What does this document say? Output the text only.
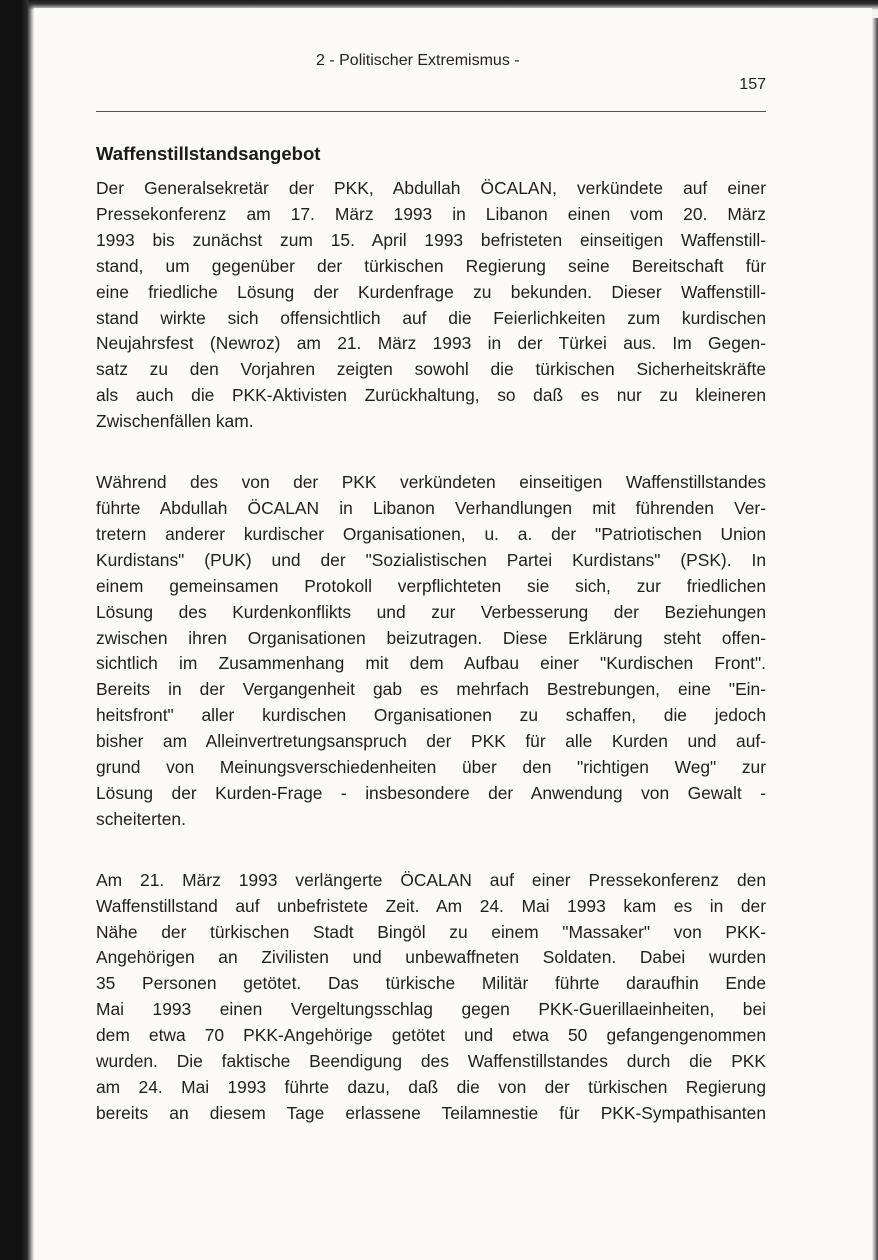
2 - Politischer Extremismus -
157
Waffenstillstandsangebot

Der Generalsekretär der PKK, Abdullah ÖCALAN, verkündete auf einer
Pressekonferenz am 17. März 1993 in Libanon einen vom 20. März
1993 bis zunächst zum 15. April 1993 befristeten einseitigen Waffenstill-
stand, um gegenüber der türkischen Regierung seine Bereitschaft für
eine friedliche Lösung der Kurdenfrage zu bekunden. Dieser Waffenstill-
stand wirkte sich offensichtlich auf die Feierlichkeiten zum kurdischen
Neujahrsfest (Newroz) am 21. März 1993 in der Türkei aus. Im Gegen-
satz zu den Vorjahren zeigten sowohl die türkischen Sicherheitskräfte
als auch die PKK-Aktivisten Zurückhaltung, so daß es nur zu kleineren
Zwischenfällen kam.

Während des von der PKK verkündeten einseitigen Waffenstillstandes
führte Abdullah ÖCALAN in Libanon Verhandlungen mit führenden Ver-
tretern anderer kurdischer Organisationen, u. a. der "Patriotischen Union
Kurdistans" (PUK) und der "Sozialistischen Partei Kurdistans" (PSK). In
einem gemeinsamen Protokoll verpflichteten sie sich, zur friedlichen
Lösung des Kurdenkonflikts und zur Verbesserung der Beziehungen
zwischen ihren Organisationen beizutragen. Diese Erklärung steht offen-
sichtlich im Zusammenhang mit dem Aufbau einer "Kurdischen Front".
Bereits in der Vergangenheit gab es mehrfach Bestrebungen, eine "Ein-
heitsfront" aller kurdischen Organisationen zu schaffen, die jedoch
bisher am Alleinvertretungsanspruch der PKK für alle Kurden und auf-
grund von Meinungsverschiedenheiten über den "richtigen Weg" zur
Lösung der Kurden-Frage - insbesondere der Anwendung von Gewalt -
scheiterten.

Am 21. März 1993 verlängerte ÖCALAN auf einer Pressekonferenz den
Waffenstillstand auf unbefristete Zeit. Am 24. Mai 1993 kam es in der
Nähe der türkischen Stadt Bingöl zu einem "Massaker" von PKK-
Angehörigen an Zivilisten und unbewaffneten Soldaten. Dabei wurden
35 Personen getötet. Das türkische Militär führte daraufhin Ende
Mai 1993 einen Vergeltungsschlag gegen PKK-Guerillaeinheiten, bei
dem etwa 70 PKK-Angehörige getötet und etwa 50 gefangengenommen
wurden. Die faktische Beendigung des Waffenstillstandes durch die PKK
am 24. Mai 1993 führte dazu, daß die von der türkischen Regierung
bereits an diesem Tage erlassene Teilamnestie für PKK-Sympathisanten
